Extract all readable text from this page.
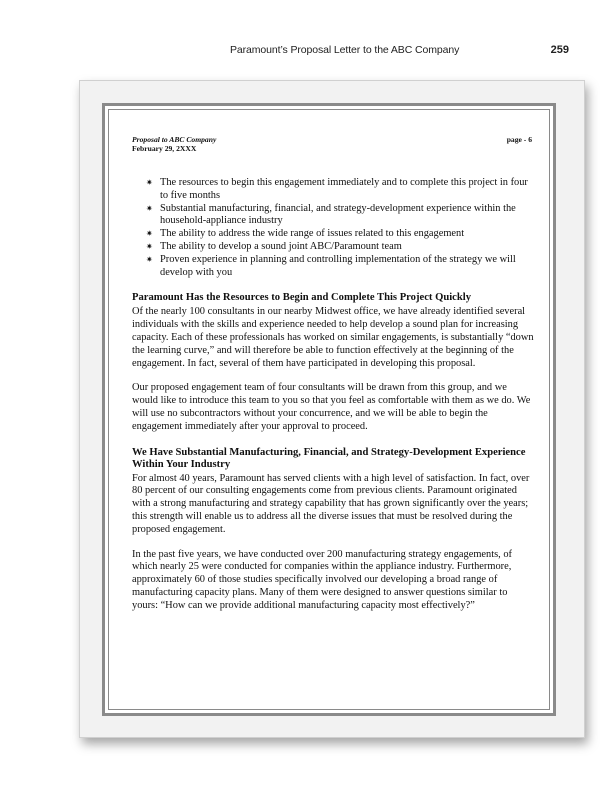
Paramount’s Proposal Letter to the ABC Company	259
Proposal to ABC Company
February 29, 2XXX
page - 6
✷ The resources to begin this engagement immediately and to complete this project in four to five months
✷ Substantial manufacturing, financial, and strategy-development experience within the household-appliance industry
✷ The ability to address the wide range of issues related to this engagement
✷ The ability to develop a sound joint ABC/Paramount team
✷ Proven experience in planning and controlling implementation of the strategy we will develop with you
Paramount Has the Resources to Begin and Complete This Project Quickly

Of the nearly 100 consultants in our nearby Midwest office, we have already identified several individuals with the skills and experience needed to help develop a sound plan for increasing capacity. Each of these professionals has worked on similar engagements, is substantially “down the learning curve,” and will therefore be able to function effectively at the beginning of the engagement. In fact, several of them have participated in developing this proposal.

Our proposed engagement team of four consultants will be drawn from this group, and we would like to introduce this team to you so that you feel as comfortable with them as we do. We will use no subcontractors without your concurrence, and we will be able to begin the engagement immediately after your approval to proceed.

We Have Substantial Manufacturing, Financial, and Strategy-Development Experience Within Your Industry

For almost 40 years, Paramount has served clients with a high level of satisfaction. In fact, over 80 percent of our consulting engagements come from previous clients. Paramount originated with a strong manufacturing and strategy capability that has grown significantly over the years; this strength will enable us to address all the diverse issues that must be resolved during the proposed engagement.

In the past five years, we have conducted over 200 manufacturing strategy engagements, of which nearly 25 were conducted for companies within the appliance industry. Furthermore, approximately 60 of those studies specifically involved our developing a broad range of manufacturing capacity plans. Many of them were designed to answer questions similar to yours: “How can we provide additional manufacturing capacity most effectively?”
